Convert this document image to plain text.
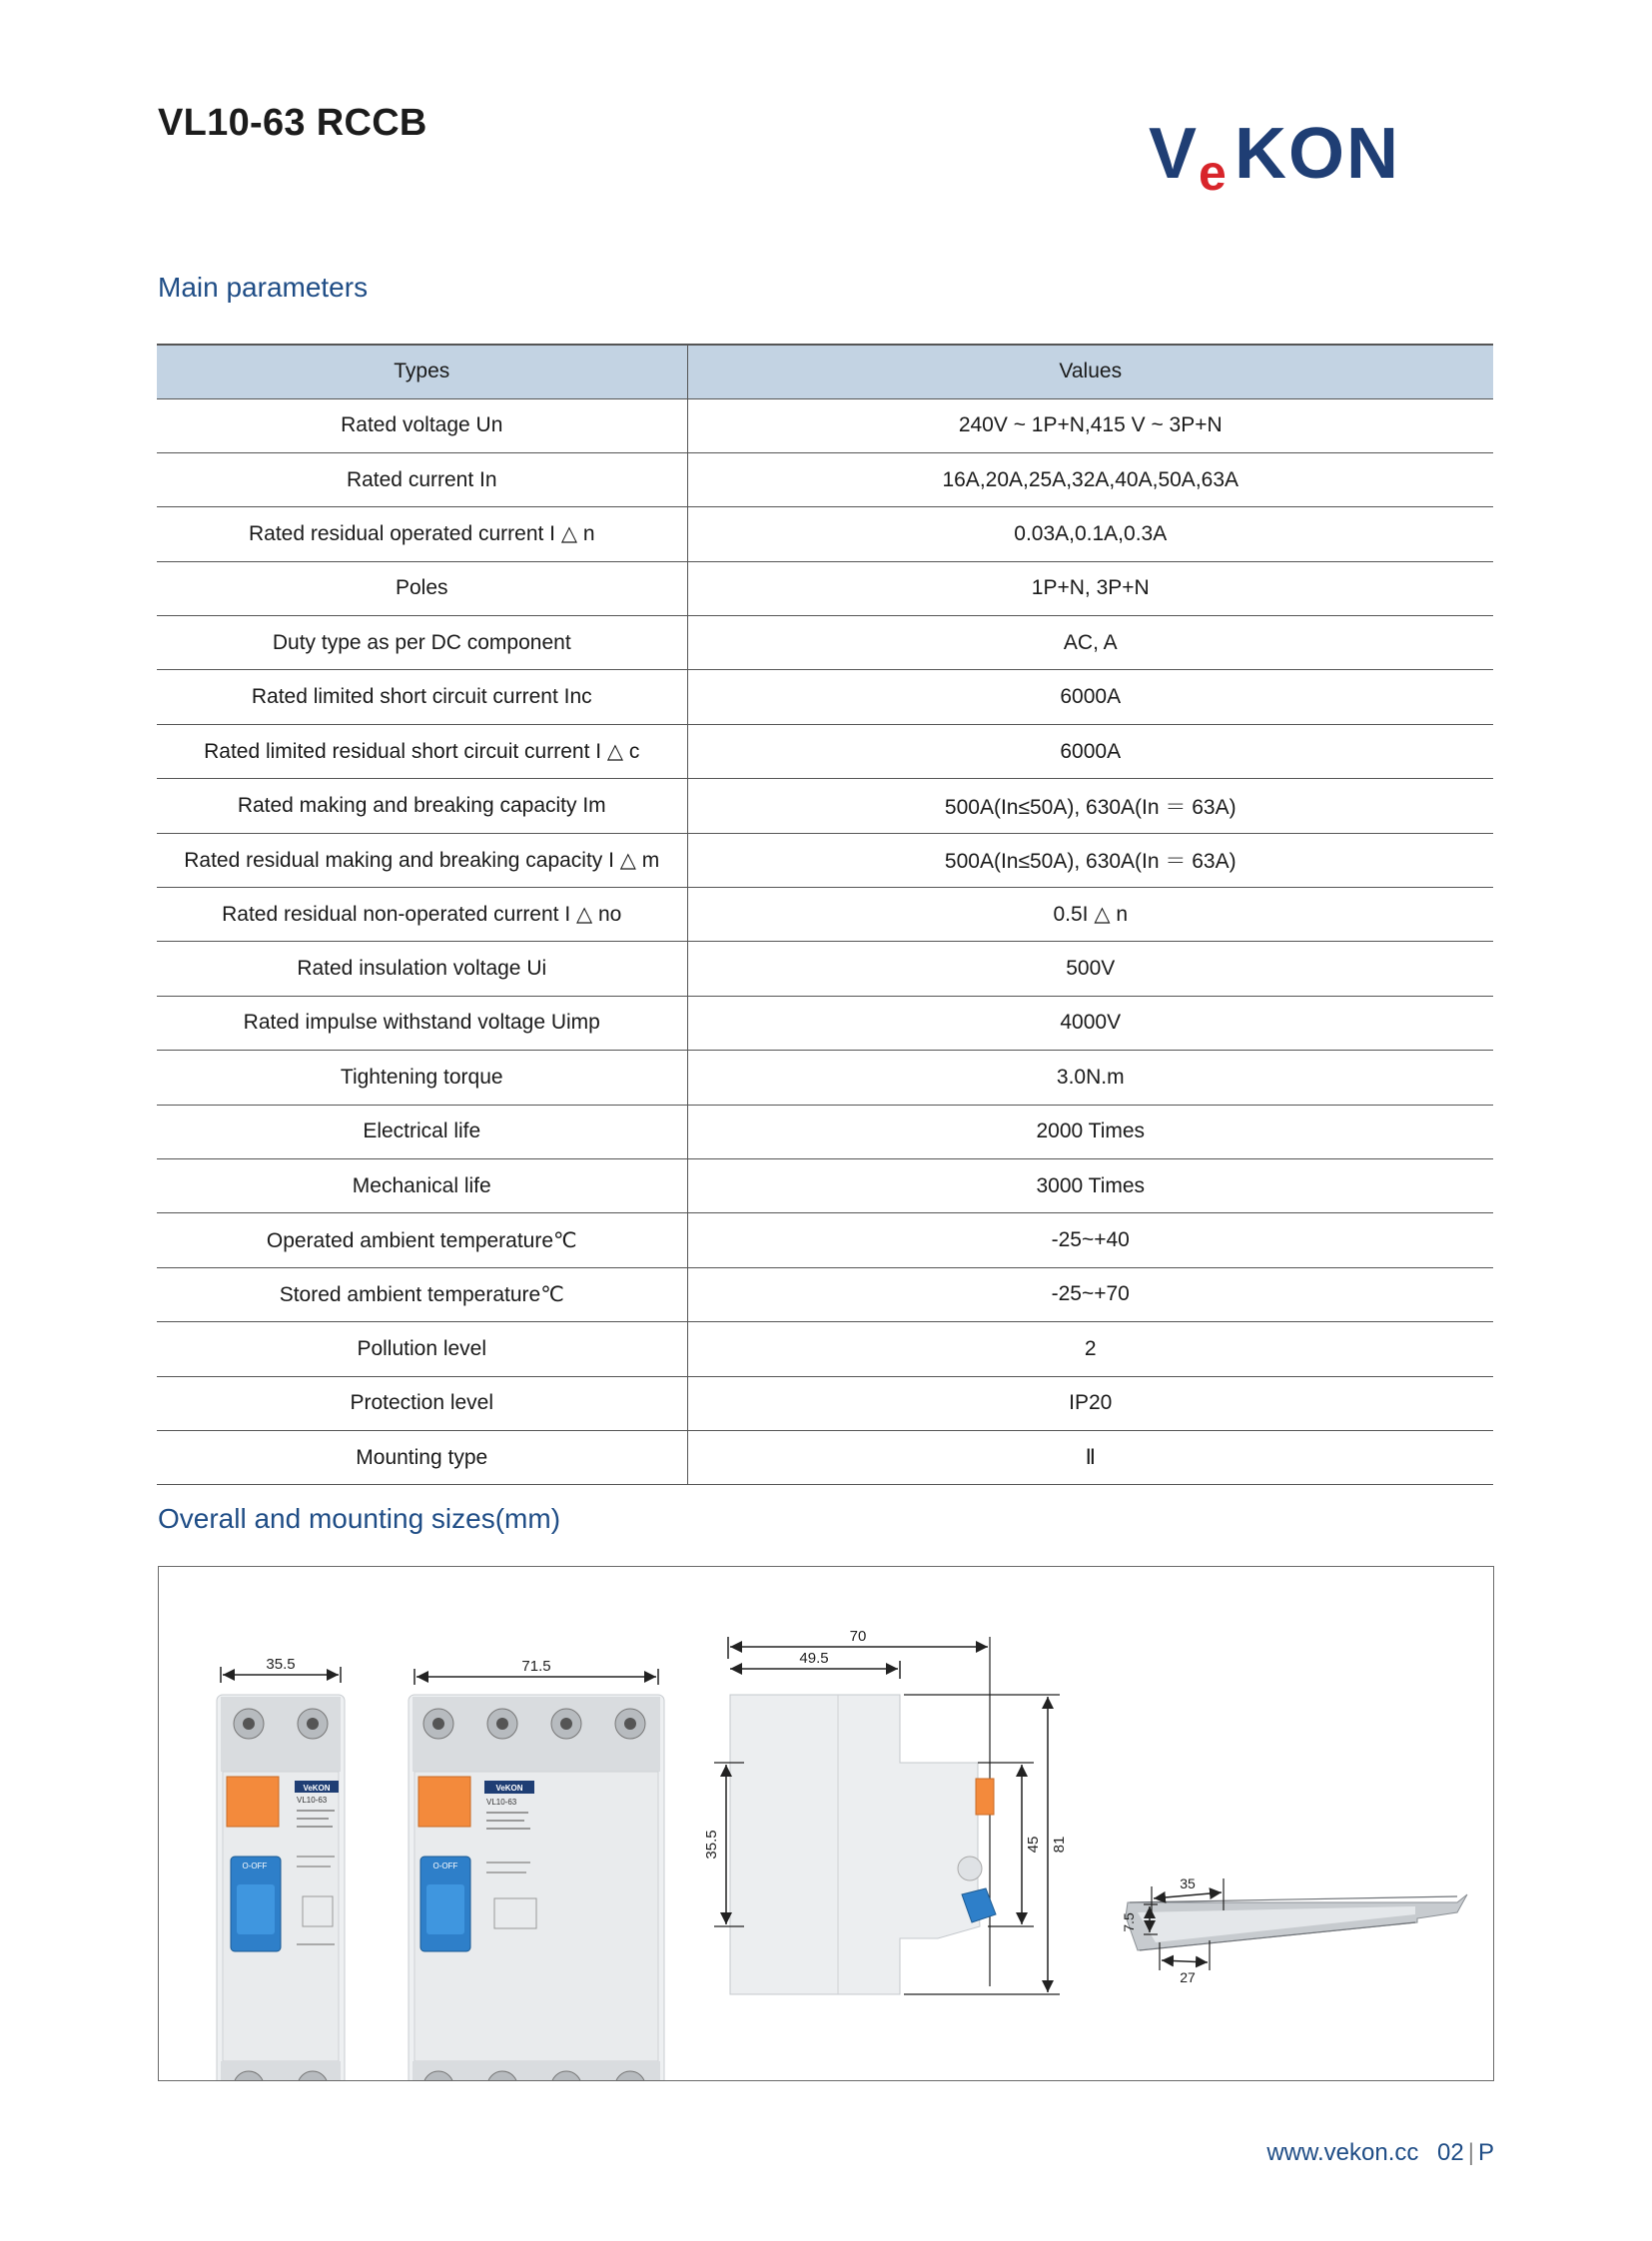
VL10-63 RCCB	V e KON
Main parameters
Types	Values
Rated voltage Un	240V ~ 1P+N,415 V ~ 3P+N
Rated current In	16A,20A,25A,32A,40A,50A,63A
Rated residual operated current I △ n	0.03A,0.1A,0.3A
Poles	1P+N, 3P+N
Duty type as per DC component	AC, A
Rated limited short circuit current Inc	6000A
Rated limited residual short circuit current I △ c	6000A
Rated making and breaking capacity Im	500A(In≤50A), 630A(In ＝ 63A)
Rated residual making and breaking capacity I △ m	500A(In≤50A), 630A(In ＝ 63A)
Rated residual non-operated current I △ no	0.5I △ n
Rated insulation voltage Ui	500V
Rated impulse withstand voltage Uimp	4000V
Tightening torque	3.0N.m
Electrical life	2000 Times
Mechanical life	3000 Times
Operated ambient temperature℃	-25~+40
Stored ambient temperature℃	-25~+70
Pollution level	2
Protection level	IP20
Mounting type	Ⅱ
Overall and mounting sizes(mm)
35.5
VeKON
VL10-63
O-OFF
71.5
VeKON
VL10-63
O-OFF
70
49.5
35.5	45 81
35
7.5
27
www.vekon.cc 02 | P
